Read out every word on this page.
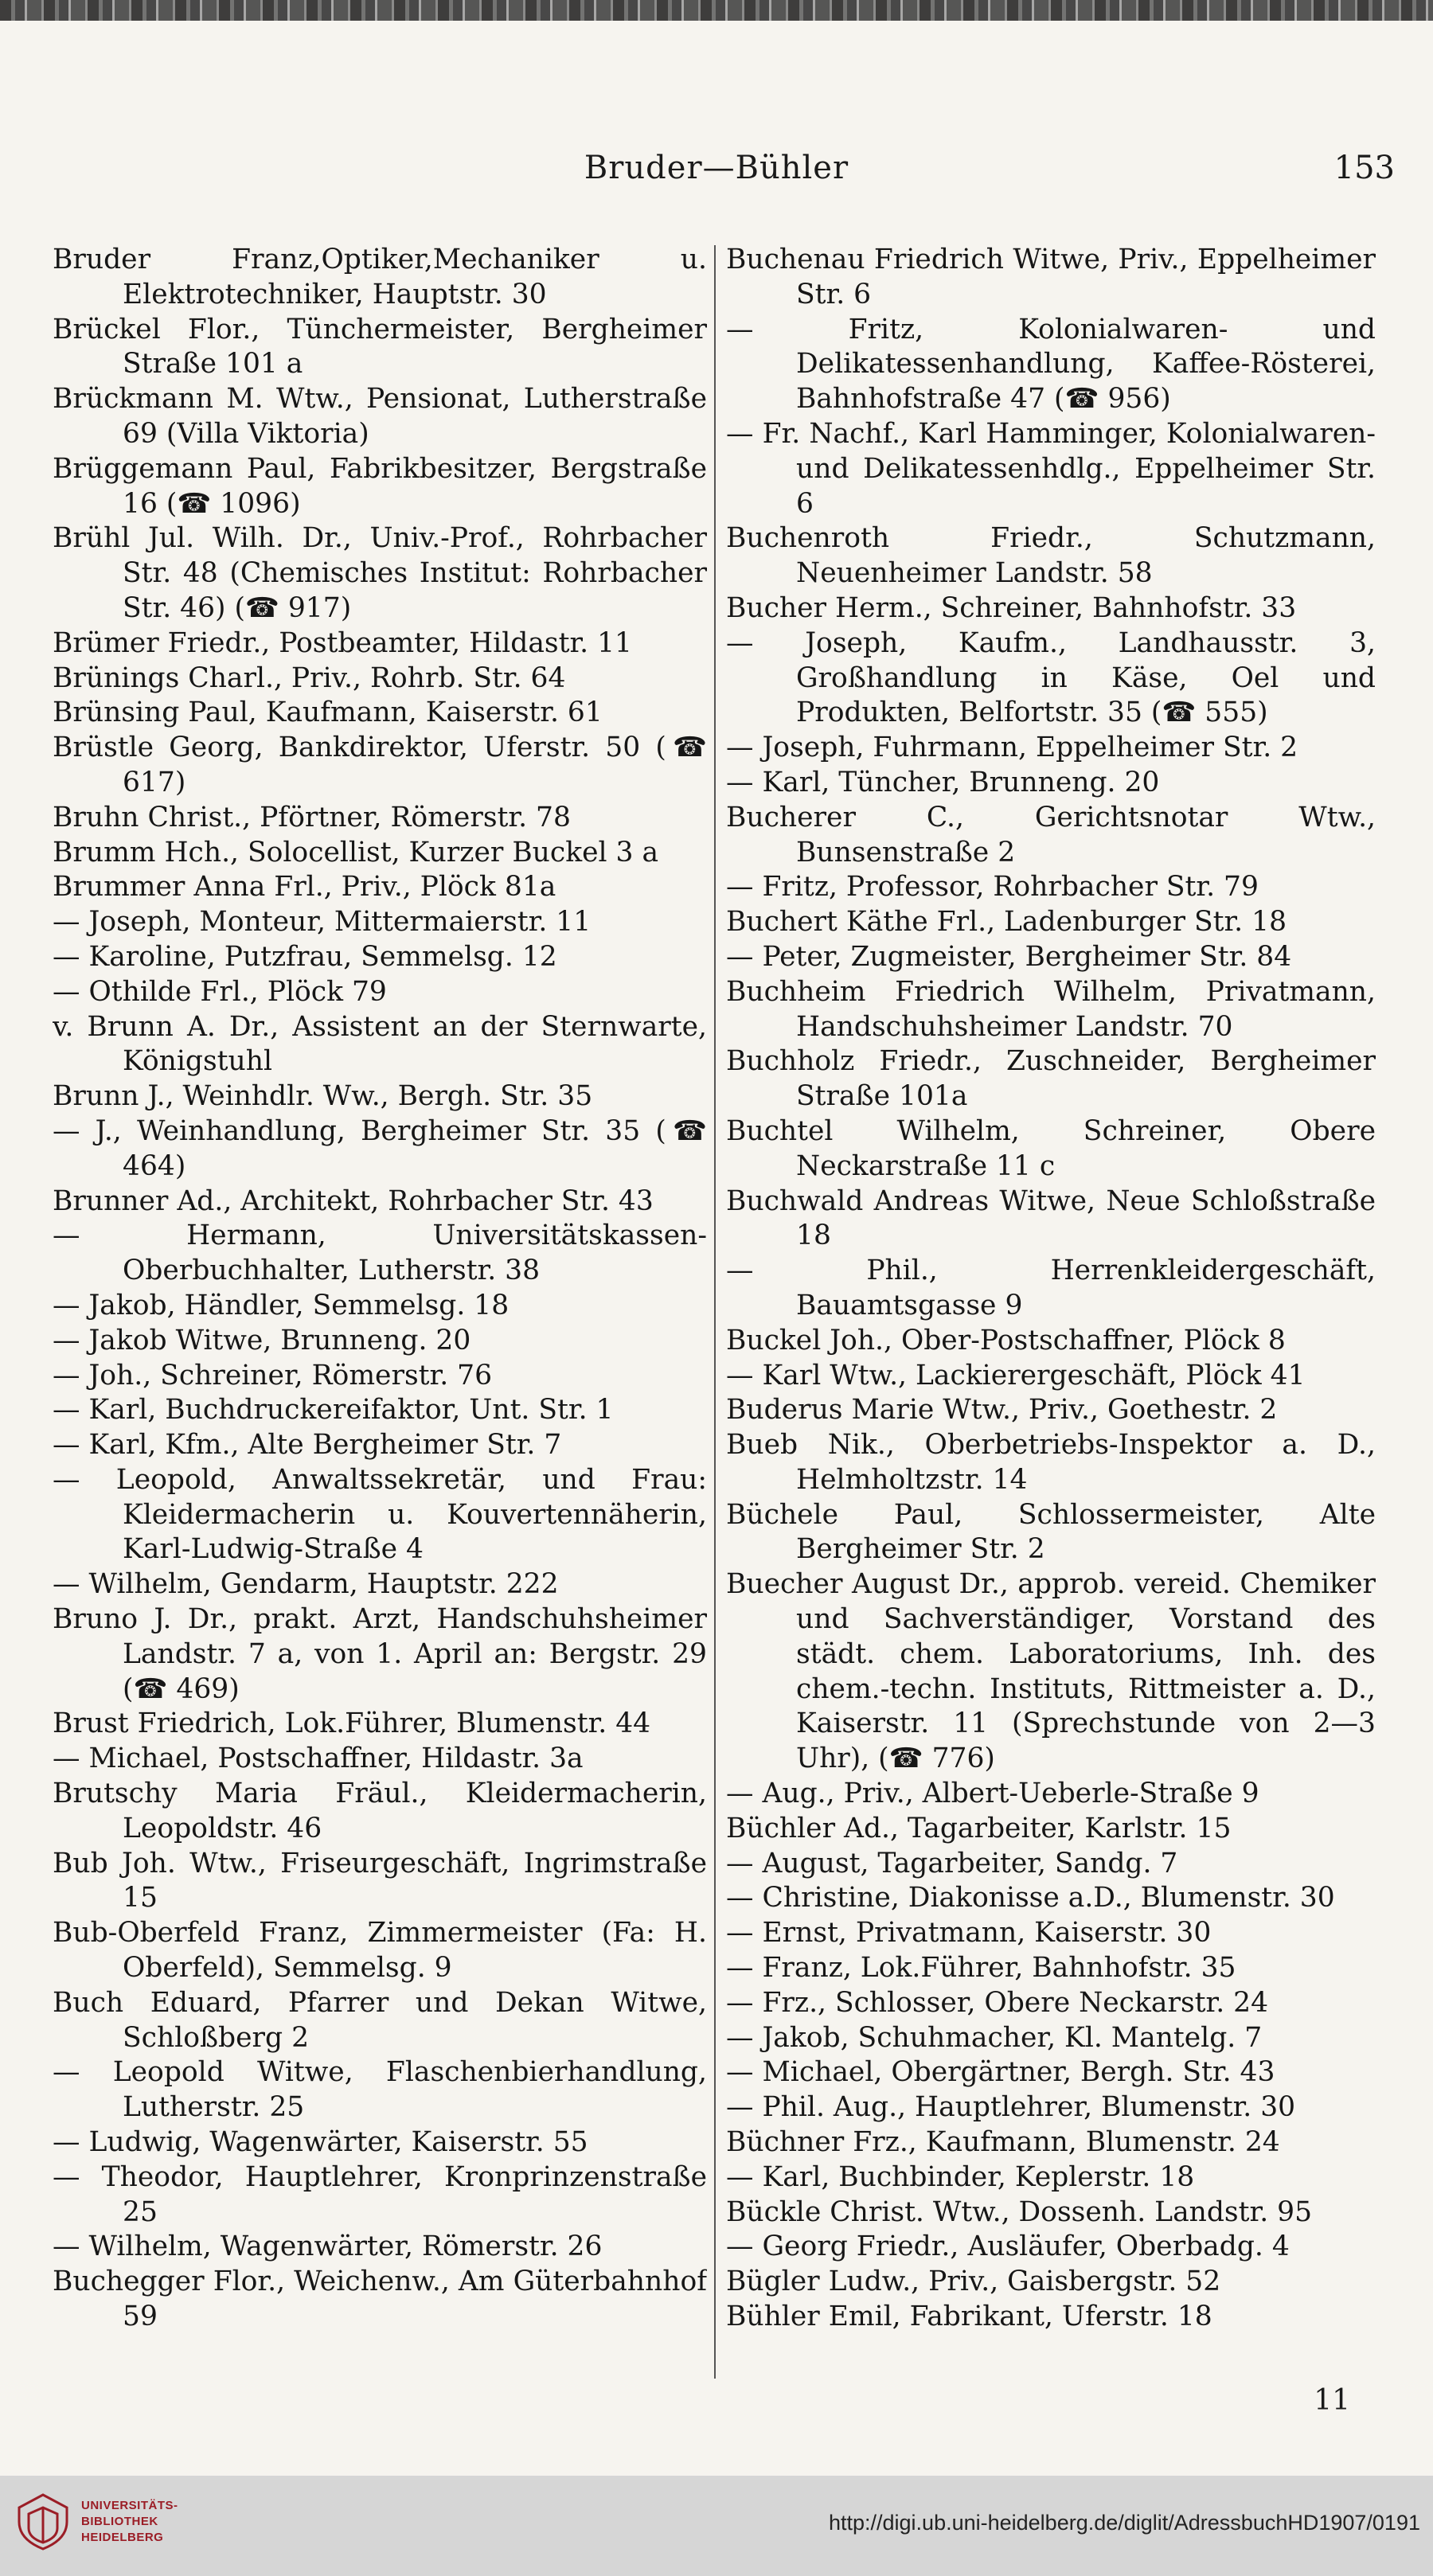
Bruder—Bühler	153
Bruder Franz,Optiker,Mechaniker u. Elektrotechniker, Hauptstr. 30
Brückel Flor., Tünchermeister, Bergheimer Straße 101 a
Brückmann M. Wtw., Pensionat, Lutherstraße 69 (Villa Viktoria)
Brüggemann Paul, Fabrikbesitzer, Bergstraße 16 (☎ 1096)
Brühl Jul. Wilh. Dr., Univ.-Prof., Rohrbacher Str. 48 (Chemisches Institut: Rohrbacher Str. 46) (☎ 917)
Brümer Friedr., Postbeamter, Hildastr. 11
Brünings Charl., Priv., Rohrb. Str. 64
Brünsing Paul, Kaufmann, Kaiserstr. 61
Brüstle Georg, Bankdirektor, Uferstr. 50 (☎ 617)
Bruhn Christ., Pförtner, Römerstr. 78
Brumm Hch., Solocellist, Kurzer Buckel 3 a
Brummer Anna Frl., Priv., Plöck 81a
— Joseph, Monteur, Mittermaierstr. 11
— Karoline, Putzfrau, Semmelsg. 12
— Othilde Frl., Plöck 79
v. Brunn A. Dr., Assistent an der Sternwarte, Königstuhl
Brunn J., Weinhdlr. Ww., Bergh. Str. 35
— J., Weinhandlung, Bergheimer Str. 35 (☎ 464)
Brunner Ad., Architekt, Rohrbacher Str. 43
— Hermann, Universitätskassen-Oberbuchhalter, Lutherstr. 38
— Jakob, Händler, Semmelsg. 18
— Jakob Witwe, Brunneng. 20
— Joh., Schreiner, Römerstr. 76
— Karl, Buchdruckereifaktor, Unt. Str. 1
— Karl, Kfm., Alte Bergheimer Str. 7
— Leopold, Anwaltssekretär, und Frau: Kleidermacherin u. Kouvertennäherin, Karl-Ludwig-Straße 4
— Wilhelm, Gendarm, Hauptstr. 222
Bruno J. Dr., prakt. Arzt, Handschuhsheimer Landstr. 7 a, von 1. April an: Bergstr. 29 (☎ 469)
Brust Friedrich, Lok.Führer, Blumenstr. 44
— Michael, Postschaffner, Hildastr. 3a
Brutschy Maria Fräul., Kleidermacherin, Leopoldstr. 46
Bub Joh. Wtw., Friseurgeschäft, Ingrimstraße 15
Bub-Oberfeld Franz, Zimmermeister (Fa: H. Oberfeld), Semmelsg. 9
Buch Eduard, Pfarrer und Dekan Witwe, Schloßberg 2
— Leopold Witwe, Flaschenbierhandlung, Lutherstr. 25
— Ludwig, Wagenwärter, Kaiserstr. 55
— Theodor, Hauptlehrer, Kronprinzenstraße 25
— Wilhelm, Wagenwärter, Römerstr. 26
Buchegger Flor., Weichenw., Am Güterbahnhof 59
Buchenau Friedrich Witwe, Priv., Eppelheimer Str. 6
— Fritz, Kolonialwaren- und Delikatessenhandlung, Kaffee-Rösterei, Bahnhofstraße 47 (☎ 956)
— Fr. Nachf., Karl Hamminger, Kolonialwaren- und Delikatessenhdlg., Eppelheimer Str. 6
Buchenroth Friedr., Schutzmann, Neuenheimer Landstr. 58
Bucher Herm., Schreiner, Bahnhofstr. 33
— Joseph, Kaufm., Landhausstr. 3, Großhandlung in Käse, Oel und Produkten, Belfortstr. 35 (☎ 555)
— Joseph, Fuhrmann, Eppelheimer Str. 2
— Karl, Tüncher, Brunneng. 20
Bucherer C., Gerichtsnotar Wtw., Bunsenstraße 2
— Fritz, Professor, Rohrbacher Str. 79
Buchert Käthe Frl., Ladenburger Str. 18
— Peter, Zugmeister, Bergheimer Str. 84
Buchheim Friedrich Wilhelm, Privatmann, Handschuhsheimer Landstr. 70
Buchholz Friedr., Zuschneider, Bergheimer Straße 101a
Buchtel Wilhelm, Schreiner, Obere Neckarstraße 11 c
Buchwald Andreas Witwe, Neue Schloßstraße 18
— Phil., Herrenkleidergeschäft, Bauamtsgasse 9
Buckel Joh., Ober-Postschaffner, Plöck 8
— Karl Wtw., Lackierergeschäft, Plöck 41
Buderus Marie Wtw., Priv., Goethestr. 2
Bueb Nik., Oberbetriebs-Inspektor a. D., Helmholtzstr. 14
Büchele Paul, Schlossermeister, Alte Bergheimer Str. 2
Buecher August Dr., approb. vereid. Chemiker und Sachverständiger, Vorstand des städt. chem. Laboratoriums, Inh. des chem.-techn. Instituts, Rittmeister a. D., Kaiserstr. 11 (Sprechstunde von 2—3 Uhr), (☎ 776)
— Aug., Priv., Albert-Ueberle-Straße 9
Büchler Ad., Tagarbeiter, Karlstr. 15
— August, Tagarbeiter, Sandg. 7
— Christine, Diakonisse a.D., Blumenstr. 30
— Ernst, Privatmann, Kaiserstr. 30
— Franz, Lok.Führer, Bahnhofstr. 35
— Frz., Schlosser, Obere Neckarstr. 24
— Jakob, Schuhmacher, Kl. Mantelg. 7
— Michael, Obergärtner, Bergh. Str. 43
— Phil. Aug., Hauptlehrer, Blumenstr. 30
Büchner Frz., Kaufmann, Blumenstr. 24
— Karl, Buchbinder, Keplerstr. 18
Bückle Christ. Wtw., Dossenh. Landstr. 95
— Georg Friedr., Ausläufer, Oberbadg. 4
Bügler Ludw., Priv., Gaisbergstr. 52
Bühler Emil, Fabrikant, Uferstr. 18
11
UNIVERSITÄTS-
BIBLIOTHEK
HEIDELBERG
http://digi.ub.uni-heidelberg.de/diglit/AdressbuchHD1907/0191
